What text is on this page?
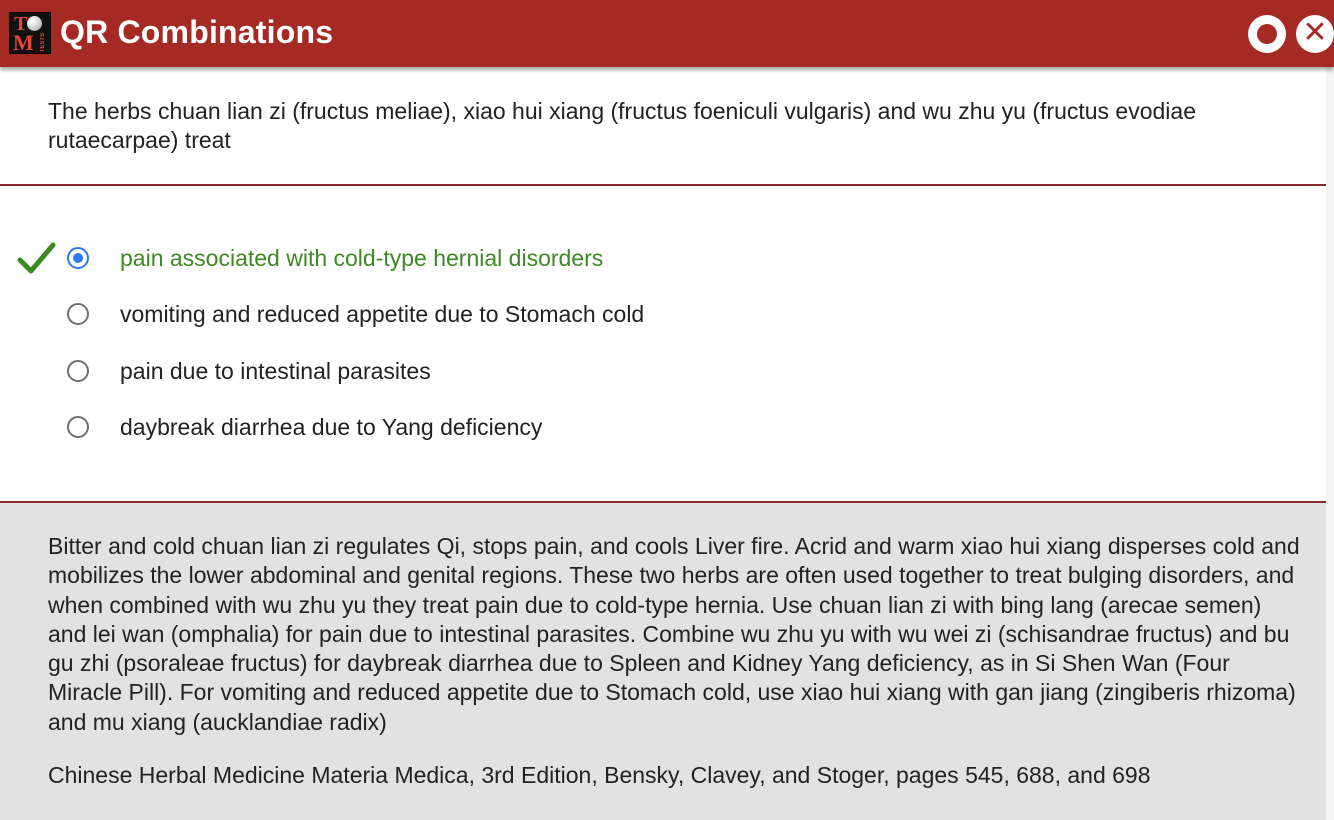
T
M TESTS QR Combinations	✕
The herbs chuan lian zi (fructus meliae), xiao hui xiang (fructus foeniculi vulgaris) and wu zhu yu (fructus evodiae rutaecarpae) treat
pain associated with cold-type hernial disorders
vomiting and reduced appetite due to Stomach cold
pain due to intestinal parasites
daybreak diarrhea due to Yang deficiency
Bitter and cold chuan lian zi regulates Qi, stops pain, and cools Liver fire. Acrid and warm xiao hui xiang disperses cold and mobilizes the lower abdominal and genital regions. These two herbs are often used together to treat bulging disorders, and when combined with wu zhu yu they treat pain due to cold-type hernia. Use chuan lian zi with bing lang (arecae semen) and lei wan (omphalia) for pain due to intestinal parasites. Combine wu zhu yu with wu wei zi (schisandrae fructus) and bu gu zhi (psoraleae fructus) for daybreak diarrhea due to Spleen and Kidney Yang deficiency, as in Si Shen Wan (Four Miracle Pill). For vomiting and reduced appetite due to Stomach cold, use xiao hui xiang with gan jiang (zingiberis rhizoma) and mu xiang (aucklandiae radix)
Chinese Herbal Medicine Materia Medica, 3rd Edition, Bensky, Clavey, and Stoger, pages 545, 688, and 698
